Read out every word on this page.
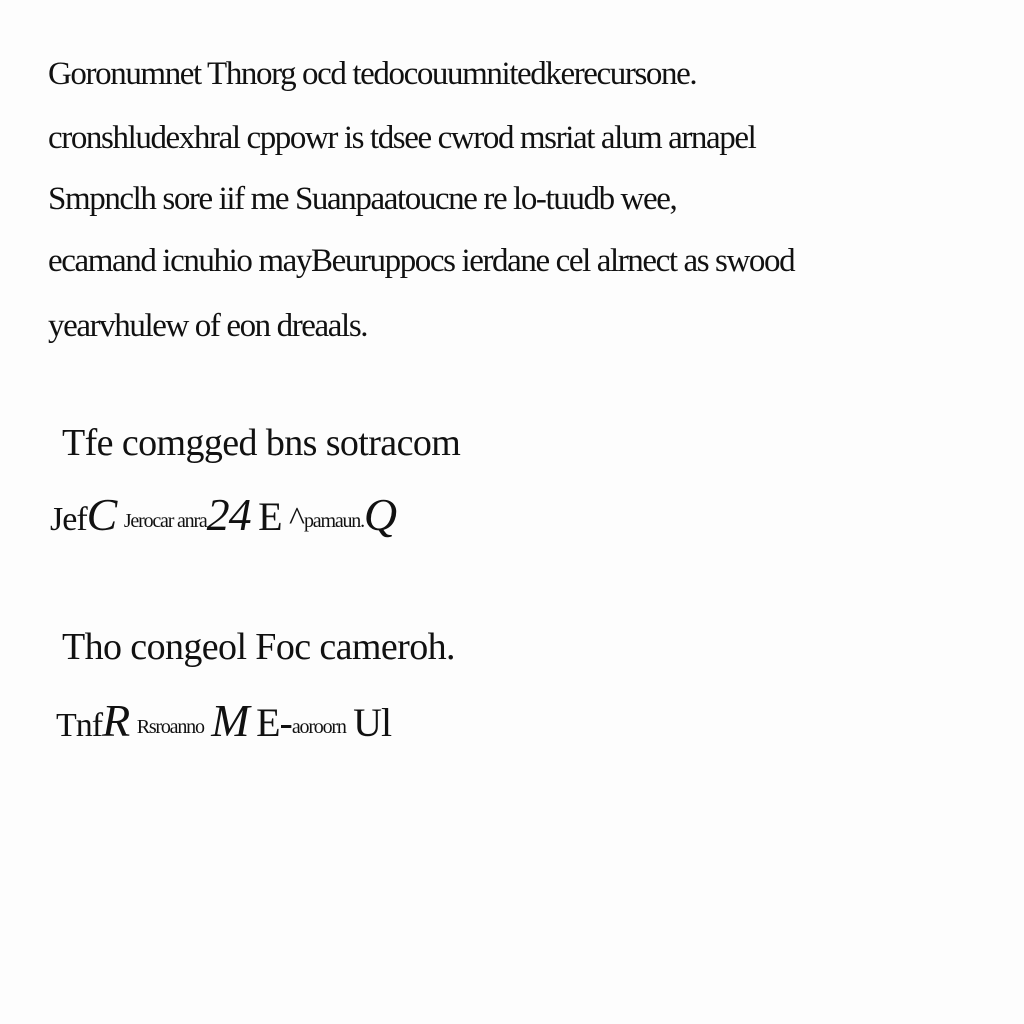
Goronumnet Thnorg ocd tedocouumnitedkerecursone.
cronshludexhral cppowr is tdsee cwrod msriat alum arnapel
Smpnclh sore iif me Suanpaatoucne re lo-tuudb wee,
ecamand icnuhio mayBeuruppocs ierdane cel alrnect as swood
yearvhulew of eon dreaals.
Tfe comgged bns sotracom
JefC Jerocar anra24 E ^pamaun.Q
Tho congeol Foc cameroh.
TnfR Rsroanno M E-aoroorn Ul
